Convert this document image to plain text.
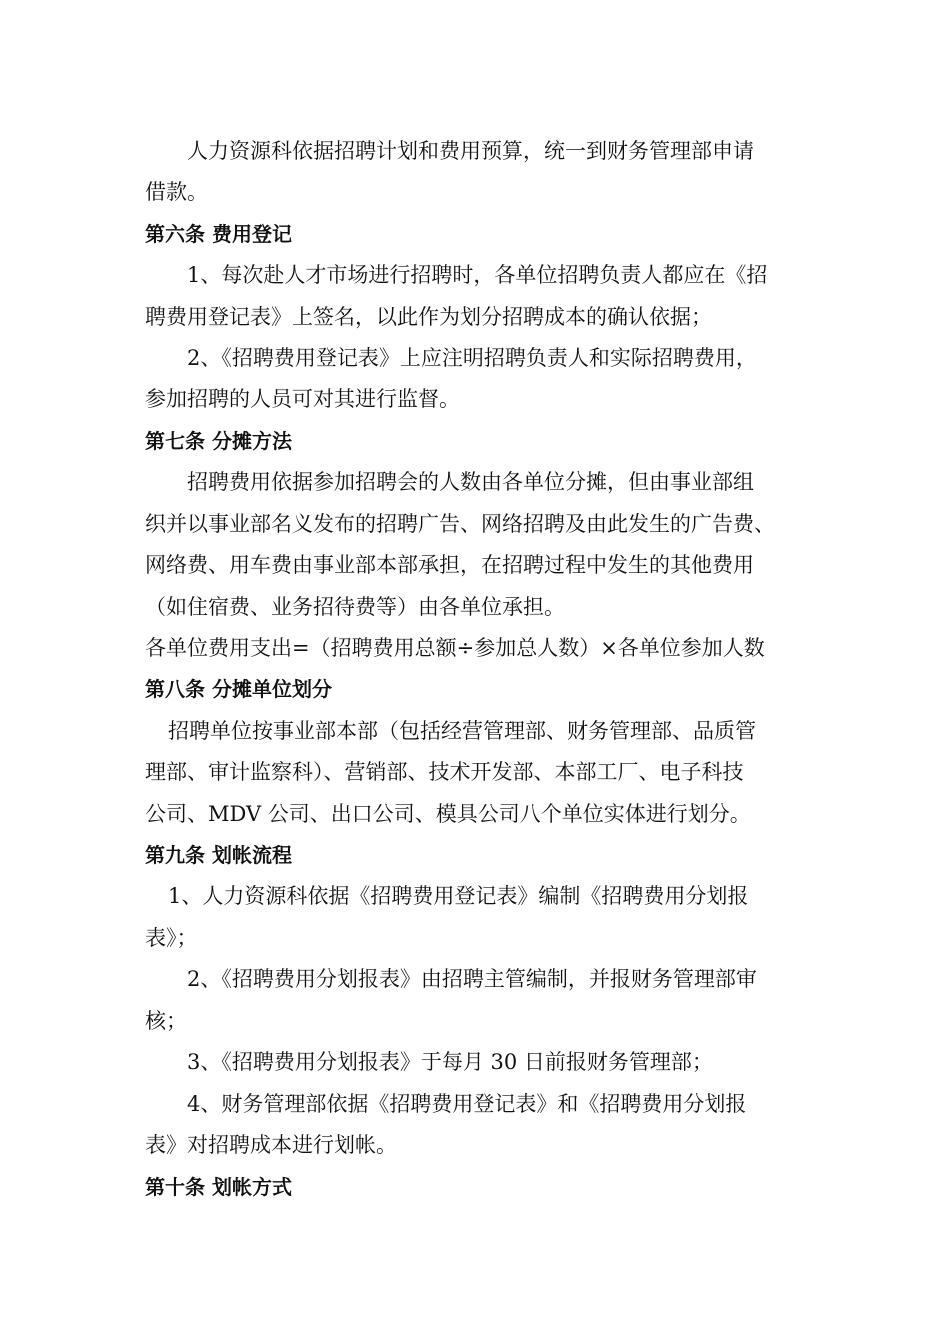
人力资源科依据招聘计划和费用预算，统一到财务管理部申请
借款。
第六条 费用登记
1、每次赴人才市场进行招聘时，各单位招聘负责人都应在《招
聘费用登记表》上签名，以此作为划分招聘成本的确认依据；
2、《招聘费用登记表》上应注明招聘负责人和实际招聘费用，
参加招聘的人员可对其进行监督。
第七条 分摊方法
招聘费用依据参加招聘会的人数由各单位分摊，但由事业部组
织并以事业部名义发布的招聘广告、网络招聘及由此发生的广告费、
网络费、用车费由事业部本部承担，在招聘过程中发生的其他费用
（如住宿费、业务招待费等）由各单位承担。
各单位费用支出=（招聘费用总额÷参加总人数）×各单位参加人数
第八条 分摊单位划分
招聘单位按事业部本部（包括经营管理部、财务管理部、品质管
理部、审计监察科）、营销部、技术开发部、本部工厂、电子科技
公司、MDV 公司、出口公司、模具公司八个单位实体进行划分。
第九条 划帐流程
1、人力资源科依据《招聘费用登记表》编制《招聘费用分划报
表》；
2、《招聘费用分划报表》由招聘主管编制，并报财务管理部审
核；
3、《招聘费用分划报表》于每月 30 日前报财务管理部；
4、财务管理部依据《招聘费用登记表》和《招聘费用分划报
表》对招聘成本进行划帐。
第十条 划帐方式
